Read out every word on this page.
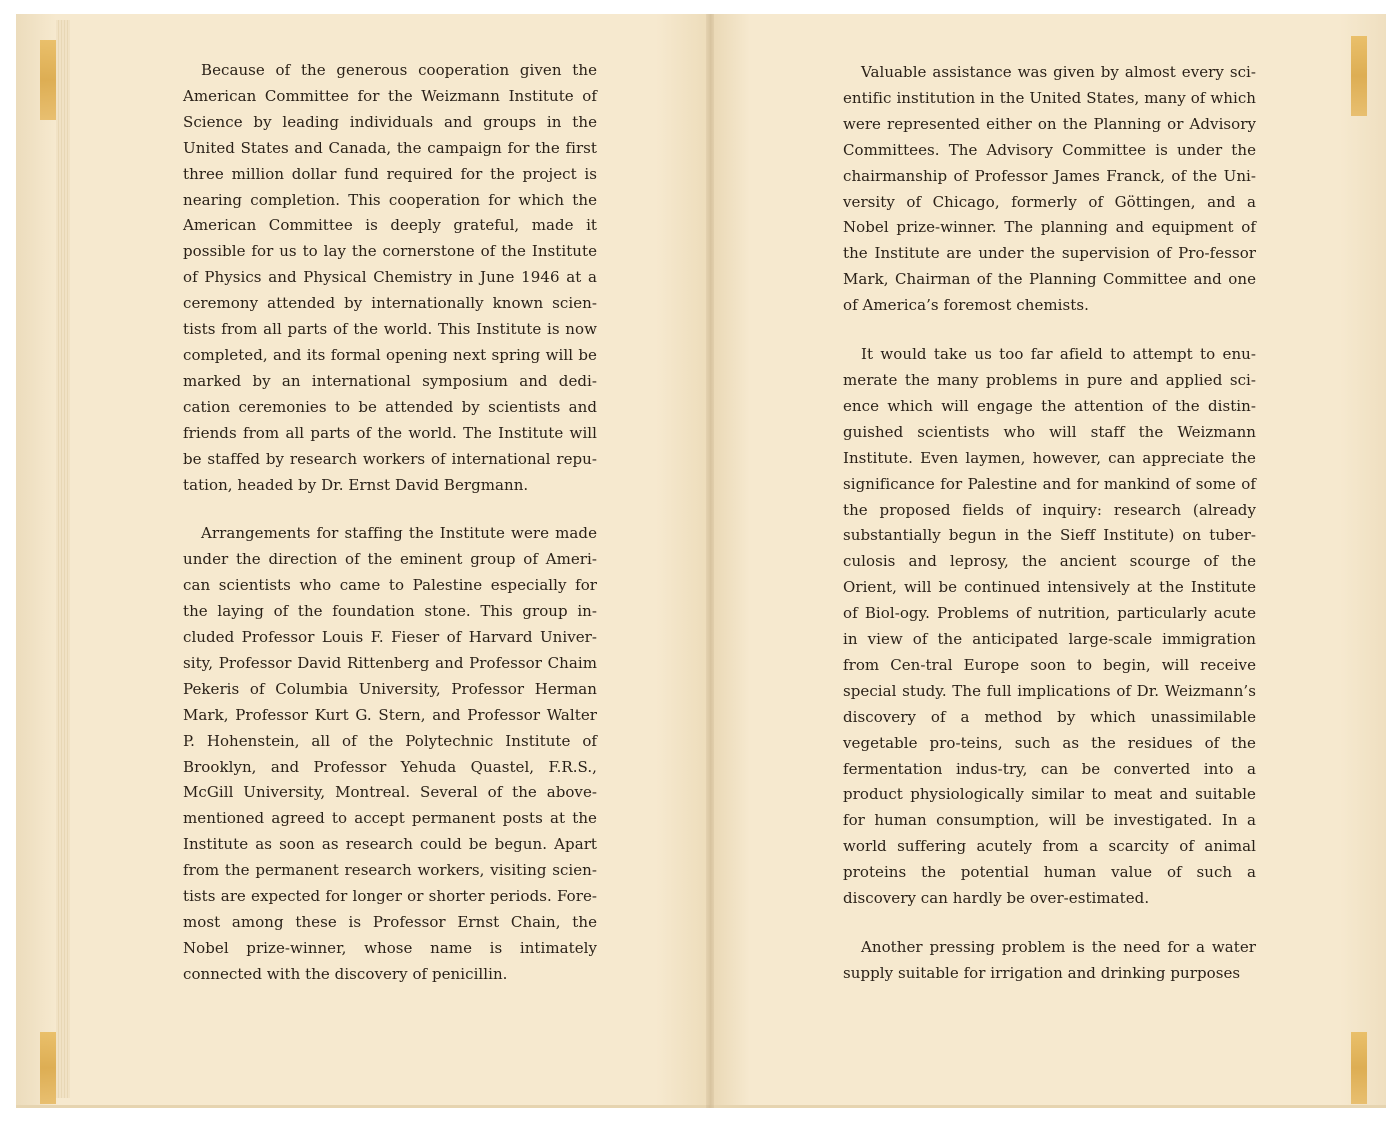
Because of the generous cooperation given the American Committee for the Weizmann Institute of Science by leading individuals and groups in the United States and Canada, the campaign for the first three million dollar fund required for the project is nearing completion. This cooperation for which the American Committee is deeply grateful, made it possible for us to lay the cornerstone of the Institute of Physics and Physical Chemistry in June 1946 at a ceremony attended by internationally known scien-tists from all parts of the world. This Institute is now completed, and its formal opening next spring will be marked by an international symposium and dedi-cation ceremonies to be attended by scientists and friends from all parts of the world. The Institute will be staffed by research workers of international repu-tation, headed by Dr. Ernst David Bergmann.

Arrangements for staffing the Institute were made under the direction of the eminent group of Ameri-can scientists who came to Palestine especially for the laying of the foundation stone. This group in-cluded Professor Louis F. Fieser of Harvard Univer-sity, Professor David Rittenberg and Professor Chaim Pekeris of Columbia University, Professor Herman Mark, Professor Kurt G. Stern, and Professor Walter P. Hohenstein, all of the Polytechnic Institute of Brooklyn, and Professor Yehuda Quastel, F.R.S., McGill University, Montreal. Several of the above-mentioned agreed to accept permanent posts at the Institute as soon as research could be begun. Apart from the permanent research workers, visiting scien-tists are expected for longer or shorter periods. Fore-most among these is Professor Ernst Chain, the Nobel prize-winner, whose name is intimately connected with the discovery of penicillin.

Valuable assistance was given by almost every sci-entific institution in the United States, many of which were represented either on the Planning or Advisory Committees. The Advisory Committee is under the chairmanship of Professor James Franck, of the Uni-versity of Chicago, formerly of Göttingen, and a Nobel prize-winner. The planning and equipment of the Institute are under the supervision of Pro-fessor Mark, Chairman of the Planning Committee and one of America’s foremost chemists.

It would take us too far afield to attempt to enu-merate the many problems in pure and applied sci-ence which will engage the attention of the distin-guished scientists who will staff the Weizmann Institute. Even laymen, however, can appreciate the significance for Palestine and for mankind of some of the proposed fields of inquiry: research (already substantially begun in the Sieff Institute) on tuber-culosis and leprosy, the ancient scourge of the Orient, will be continued intensively at the Institute of Biol-ogy. Problems of nutrition, particularly acute in view of the anticipated large-scale immigration from Cen-tral Europe soon to begin, will receive special study. The full implications of Dr. Weizmann’s discovery of a method by which unassimilable vegetable pro-teins, such as the residues of the fermentation indus-try, can be converted into a product physiologically similar to meat and suitable for human consumption, will be investigated. In a world suffering acutely from a scarcity of animal proteins the potential human value of such a discovery can hardly be over-estimated.

Another pressing problem is the need for a water supply suitable for irrigation and drinking purposes
